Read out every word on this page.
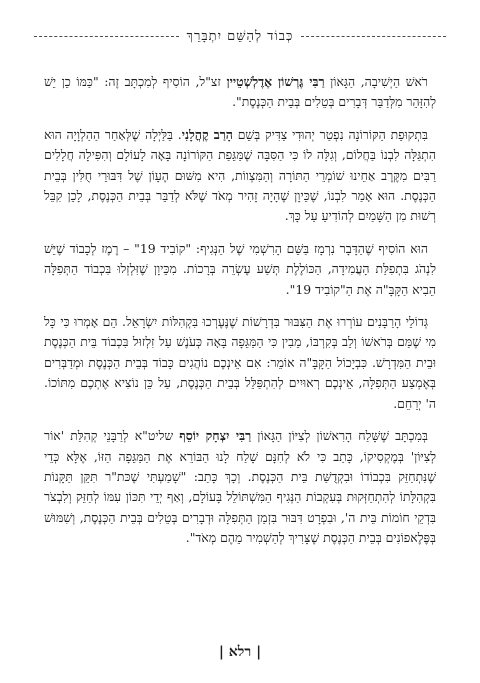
כְּבוֹד לְהַשֵּׁם יִתְבָּרֵךְ

רֹאשׁ הַיְשִׁיבָה, הַגָּאוֹן רַבִּי גֶּרְשׁוֹן אֶדֶלְשְׁטֵיין זצ"ל, הוֹסִיף לְמִכְתָּב זֶה: "כַּמּוֹ כֵן יֵשׁ לְהִזָּהֵר מִלְּדַבֵּר דְּבָרִים בְּטֵלִים בְּבֵית הַכְּנֶסֶת".

בִּתְקוּפַת הַקּוֹרוֹנָה נִפְטַר יְהוּדִי צַדִּיק בְּשֵׁם הָרַב קֶהֳלָנִי. בַּלַּיְלָה שֶׁלְּאַחַר הַהַלְוָיָה הוּא הִתְגַּלָּה לִבְנוֹ בַּחֲלוֹם, וְגִלָּה לוֹ כִּי הַסִּבָּה שֶׁמַּגֵּפַת הַקּוֹרוֹנָה בָּאָה לָעוֹלָם וְהִפִּילָה חֲלָלִים רַבִּים מִקֶּרֶב אַחֵינוּ שׁוֹמְרֵי הַתּוֹרָה וְהַמִּצְווֹת, הִיא מִשּׁוּם הֶעָוֹן שֶׁל דִּבּוּרֵי חֻלִּין בְּבֵית הַכְּנֶסֶת. הוּא אָמַר לִבְנוֹ, שֶׁכֵּיוָן שֶׁהָיָה זָהִיר מְאֹד שֶׁלֹּא לְדַבֵּר בְּבֵית הַכְּנֶסֶת, לָכֵן קִבֵּל רְשׁוּת מִן הַשָּׁמַיִם לְהוֹדִיעַ עַל כָּךְ.

הוּא הוֹסִיף שֶׁהַדָּבָר נִרְמָז בַּשֵּׁם הָרִשְׁמִי שֶׁל הַנְּגִיף: "קוֹבִיד 19" – רֶמֶז לְכָבוֹד שֶׁיֵּשׁ לִנְהֹג בִּתְפִלַּת הָעֲמִידָה, הַכּוֹלֶלֶת תְּשַׁע עֶשְׂרֵה בְּרָכוֹת. מִכֵּיוָן שֶׁזִּלְזְלוּ בִּכְבוֹד הַתְּפִלָּה הֵבִיא הַקָּבָּ"ה אֶת הַ"קוֹבִיד 19".

גְּדוֹלֵי הָרַבָּנִים עוֹרְרוּ אֶת הַצִּבּוּר בִּדְרָשׁוֹת שֶׁנֶּעֶרְכוּ בִּקְהִלּוֹת יִשְׂרָאֵל. הֵם אָמְרוּ כִּי כָּל מִי שֶׁמַּם בְּרֹאשׁוֹ וְלֵב בְּקִרְבּוֹ, מֵבִין כִּי הַמַּגֵּפָה בָּאָה כְּעֹנֶשׁ עַל זִלְזוּל בִּכְבוֹד בֵּית הַכְּנֶסֶת וּבֵית הַמִּדְרָשׁ. כִּבְיָכוֹל הַקָּבָּ"ה אוֹמֵר: אִם אֵינְכֶם נוֹהֲגִים כָּבוֹד בְּבֵית הַכְּנֶסֶת וּמְדַבְּרִים בְּאֶמְצַע הַתְּפִלָּה, אֵינְכֶם רְאוּיִים לְהִתְפַּלֵּל בְּבֵית הַכְּנֶסֶת, עַל כֵּן נוֹצִיא אֶתְכֶם מִתּוֹכוֹ. ה' יְרַחֵם.

בְּמִכְתָּב שֶׁשָּׁלַח הָרִאשׁוֹן לְצִיּוֹן הַגָּאוֹן רַבִּי יִצְחָק יוֹסֵף שליט"א לְרַבָּנֵי קְהִלַּת 'אוֹר לְצִיּוֹן' בְּמֶקְסִיקוֹ, כָּתַב כִּי לֹא לְחִנָּם שָׁלַח לָנוּ הַבּוֹרֵא אֶת הַמַּגֵּפָה הַזּוֹ, אֶלָּא כְּדֵי שֶׁנִּתְחַזֵּק בִּכְבוֹדוֹ וּבִקְדֻשַּׁת בֵּית הַכְּנֶסֶת. וְכָךְ כָּתַב: "שָׁמַעְתִּי שֶׁכּת"ר תִּקֵּן תַּקָּנוֹת בִּקְהִלָּתוֹ לְהִתְחַזְּקוּת בְּעִקְבוֹת הַנְּגִיף הַמִּשְׁתּוֹלֵל בָּעוֹלָם, וְאַף יְדֵי תִּכּוֹן עִמּוֹ לְחַזֵּק וְלִבְצֹר בִּדְקֵי חוֹמוֹת בֵּית ה', וּבִפְרָט דִּבּוּר בִּזְמַן הַתְּפִלָּה וּדְבָרִים בְּטֵלִים בְּבֵית הַכְּנֶסֶת, וְשִׁמּוּשׁ בְּפֶּלֶאפוֹנִים בְּבֵית הַכְּנֶסֶת שֶׁצָּרִיךְ לְהַשְׁמִיר מֵהֶם מְאֹד".

| רלא |
